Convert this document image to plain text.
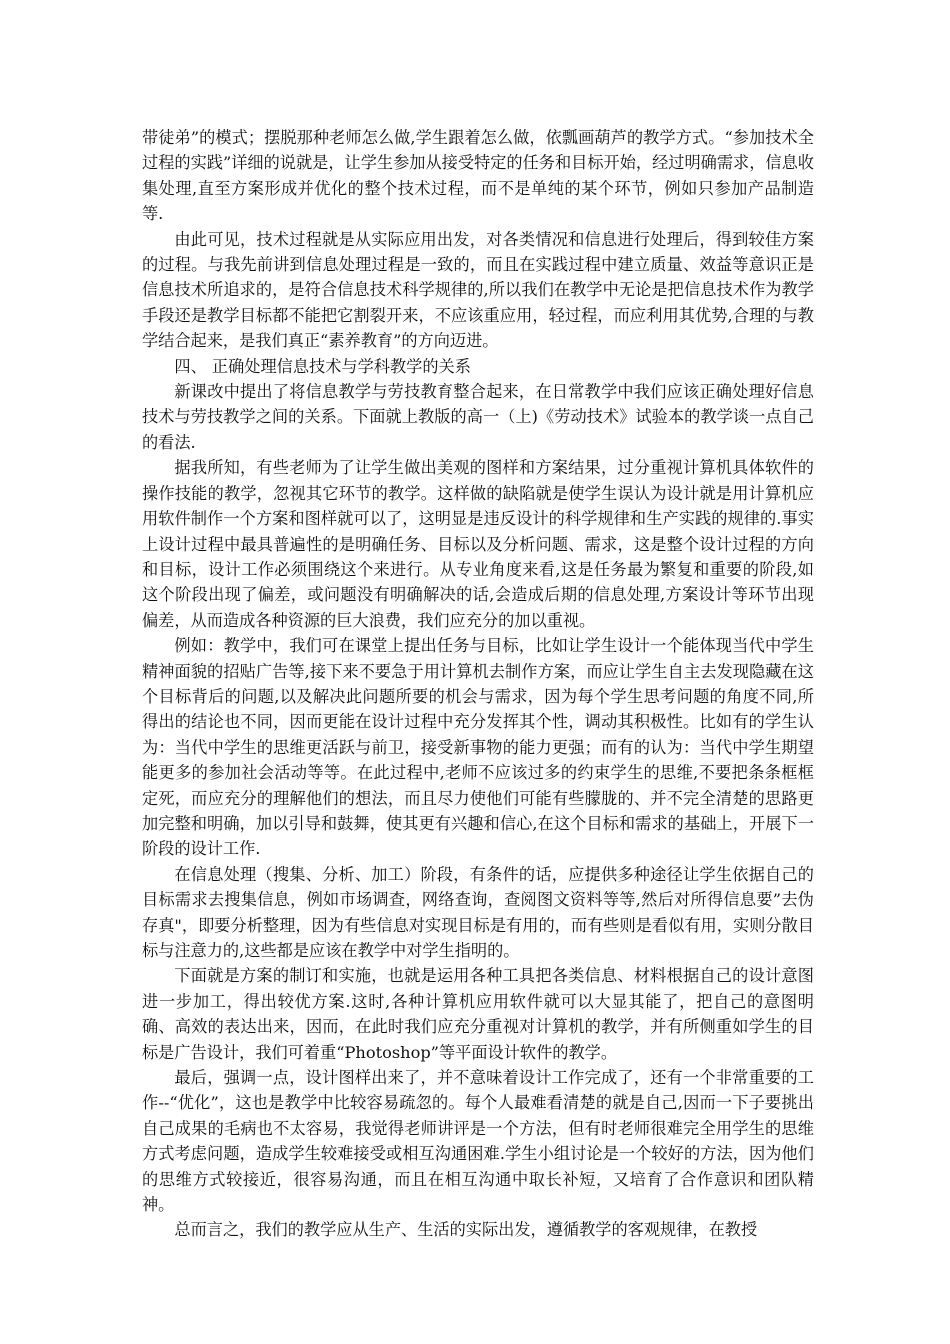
带徒弟”的模式；摆脱那种老师怎么做,学生跟着怎么做，依瓢画葫芦的教学方式。“参加技术全过程的实践”详细的说就是，让学生参加从接受特定的任务和目标开始，经过明确需求，信息收集处理,直至方案形成并优化的整个技术过程，而不是单纯的某个环节，例如只参加产品制造等.

由此可见，技术过程就是从实际应用出发，对各类情况和信息进行处理后，得到较佳方案的过程。与我先前讲到信息处理过程是一致的，而且在实践过程中建立质量、效益等意识正是信息技术所追求的，是符合信息技术科学规律的,所以我们在教学中无论是把信息技术作为教学手段还是教学目标都不能把它割裂开来，不应该重应用，轻过程，而应利用其优势,合理的与教学结合起来，是我们真正“素养教育”的方向迈进。

四、 正确处理信息技术与学科教学的关系

新课改中提出了将信息教学与劳技教育整合起来，在日常教学中我们应该正确处理好信息技术与劳技教学之间的关系。下面就上教版的高一（上)《劳动技术》试验本的教学谈一点自己的看法.

据我所知，有些老师为了让学生做出美观的图样和方案结果，过分重视计算机具体软件的操作技能的教学，忽视其它环节的教学。这样做的缺陷就是使学生误认为设计就是用计算机应用软件制作一个方案和图样就可以了，这明显是违反设计的科学规律和生产实践的规律的.事实上设计过程中最具普遍性的是明确任务、目标以及分析问题、需求，这是整个设计过程的方向和目标，设计工作必须围绕这个来进行。从专业角度来看,这是任务最为繁复和重要的阶段,如这个阶段出现了偏差，或问题没有明确解决的话,会造成后期的信息处理,方案设计等环节出现偏差，从而造成各种资源的巨大浪费，我们应充分的加以重视。

例如：教学中，我们可在课堂上提出任务与目标，比如让学生设计一个能体现当代中学生精神面貌的招贴广告等,接下来不要急于用计算机去制作方案，而应让学生自主去发现隐藏在这个目标背后的问题,以及解决此问题所要的机会与需求，因为每个学生思考问题的角度不同,所得出的结论也不同，因而更能在设计过程中充分发挥其个性，调动其积极性。比如有的学生认为：当代中学生的思维更活跃与前卫，接受新事物的能力更强；而有的认为：当代中学生期望能更多的参加社会活动等等。在此过程中,老师不应该过多的约束学生的思维,不要把条条框框定死，而应充分的理解他们的想法，而且尽力使他们可能有些朦胧的、并不完全清楚的思路更加完整和明确，加以引导和鼓舞，使其更有兴趣和信心,在这个目标和需求的基础上，开展下一阶段的设计工作.

在信息处理（搜集、分析、加工）阶段，有条件的话，应提供多种途径让学生依据自己的目标需求去搜集信息，例如市场调查，网络查询，查阅图文资料等等,然后对所得信息要”去伪存真"，即要分析整理，因为有些信息对实现目标是有用的，而有些则是看似有用，实则分散目标与注意力的,这些都是应该在教学中对学生指明的。

下面就是方案的制订和实施，也就是运用各种工具把各类信息、材料根据自己的设计意图进一步加工，得出较优方案.这时,各种计算机应用软件就可以大显其能了，把自己的意图明确、高效的表达出来，因而，在此时我们应充分重视对计算机的教学，并有所侧重如学生的目标是广告设计，我们可着重“Photoshop”等平面设计软件的教学。

最后，强调一点，设计图样出来了，并不意味着设计工作完成了，还有一个非常重要的工作--“优化”，这也是教学中比较容易疏忽的。每个人最难看清楚的就是自己,因而一下子要挑出自己成果的毛病也不太容易，我觉得老师讲评是一个方法，但有时老师很难完全用学生的思维方式考虑问题，造成学生较难接受或相互沟通困难.学生小组讨论是一个较好的方法，因为他们的思维方式较接近，很容易沟通，而且在相互沟通中取长补短，又培育了合作意识和团队精神。

总而言之，我们的教学应从生产、生活的实际出发，遵循教学的客观规律，在教授
